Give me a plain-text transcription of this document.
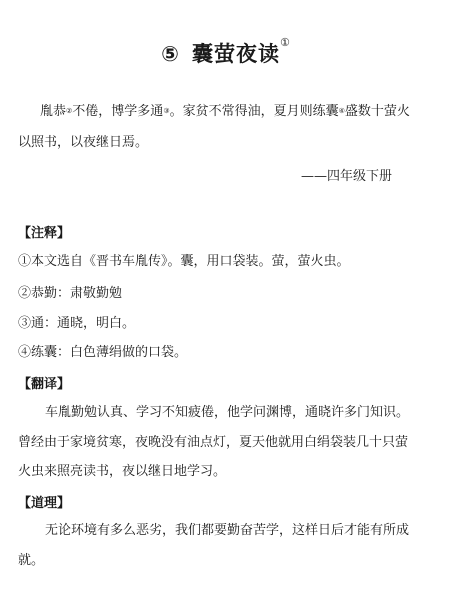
⑤ 囊萤夜读①
胤恭②不倦，博学多通③。家贫不常得油，夏月则练囊④盛数十萤火
以照书，以夜继日焉。
——四年级下册
【注释】
①本文选自《晋书车胤传》。囊，用口袋装。萤，萤火虫。
②恭勤：肃敬勤勉
③通：通晓，明白。
④练囊：白色薄绢做的口袋。
【翻译】
车胤勤勉认真、学习不知疲倦，他学问渊博，通晓许多门知识。
曾经由于家境贫寒，夜晚没有油点灯，夏天他就用白绢袋装几十只萤
火虫来照亮读书，夜以继日地学习。
【道理】
无论环境有多么恶劣，我们都要勤奋苦学，这样日后才能有所成
就。
